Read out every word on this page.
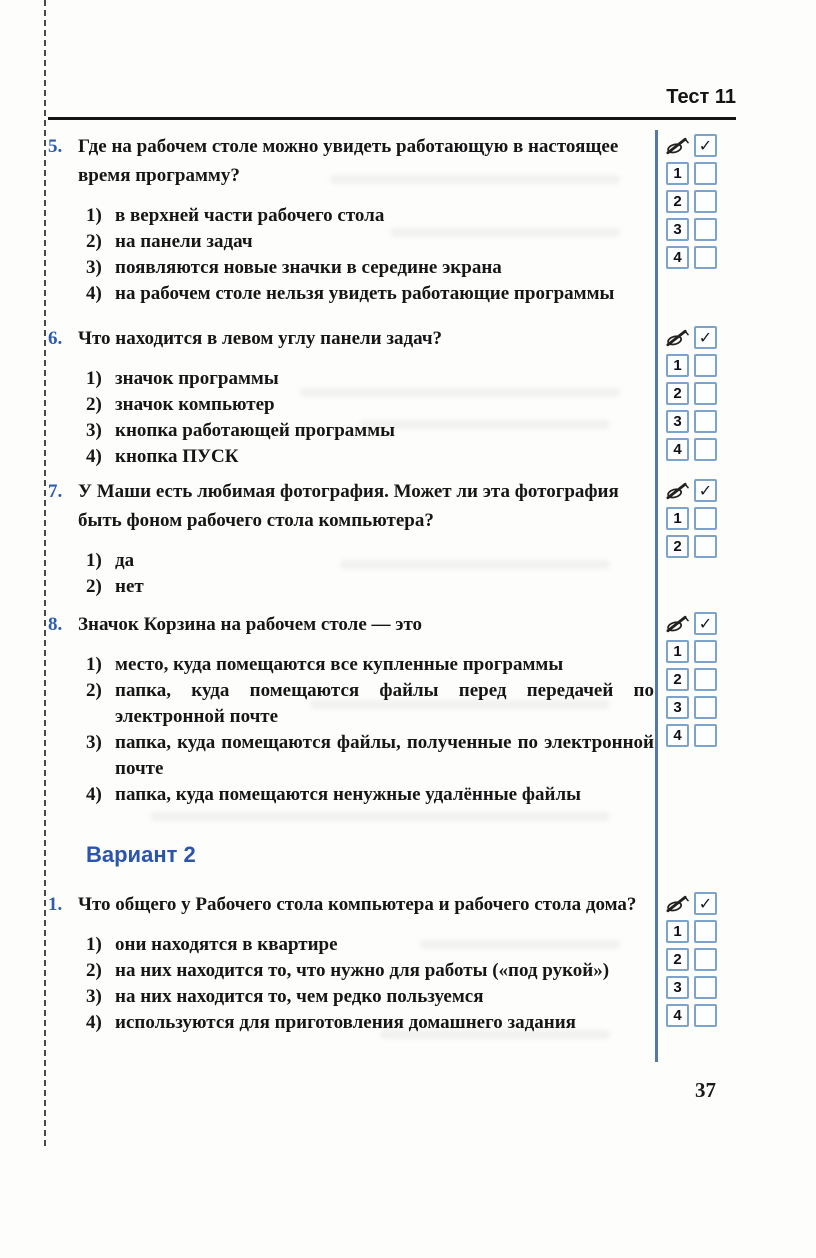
Тест 11
5. Где на рабочем столе можно увидеть работающую в настоящее время программу?
1) в верхней части рабочего стола
2) на панели задач
3) появляются новые значки в середине экрана
4) на рабочем столе нельзя увидеть работающие программы
✓
1
2
3
4
6. Что находится в левом углу панели задач?
1) значок программы
2) значок компьютер
3) кнопка работающей программы
4) кнопка ПУСК
✓
1
2
3
4
7. У Маши есть любимая фотография. Может ли эта фотография быть фоном рабочего стола компьютера?
1) да
2) нет
✓
1
2
8. Значок Корзина на рабочем столе — это
1) место, куда помещаются все купленные программы
2) папка, куда помещаются файлы перед передачей по электронной почте
3) папка, куда помещаются файлы, полученные по электронной почте
4) папка, куда помещаются ненужные удалённые файлы
✓
1
2
3
4
Вариант 2
1. Что общего у Рабочего стола компьютера и рабочего стола дома?
1) они находятся в квартире
2) на них находится то, что нужно для работы («под рукой»)
3) на них находится то, чем редко пользуемся
4) используются для приготовления домашнего задания
✓
1
2
3
4
37
